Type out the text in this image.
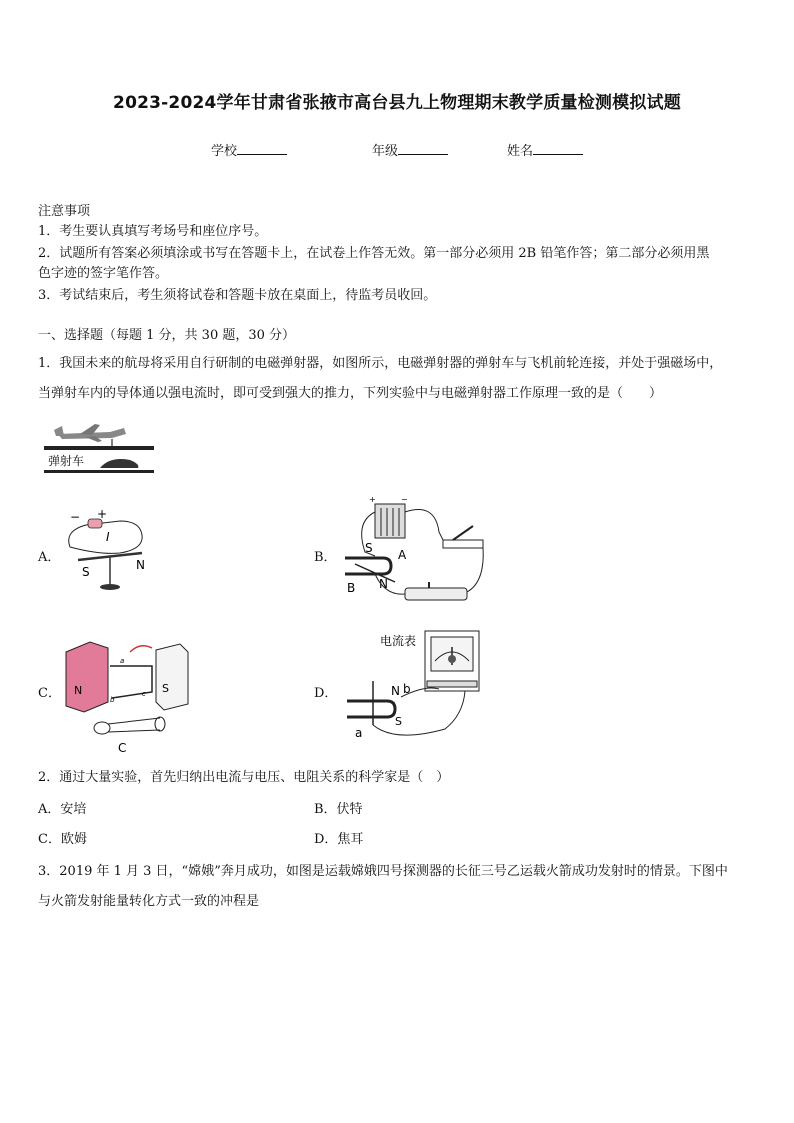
2023-2024学年甘肃省张掖市高台县九上物理期末教学质量检测模拟试题
学校	年级	姓名
注意事项
1．考生要认真填写考场号和座位序号。
2．试题所有答案必须填涂或书写在答题卡上，在试卷上作答无效。第一部分必须用 2B 铅笔作答；第二部分必须用黑
色字迹的签字笔作答。
3．考试结束后，考生须将试卷和答题卡放在桌面上，待监考员收回。
一、选择题（每题 1 分，共 30 题，30 分）
1．我国未来的航母将采用自行研制的电磁弹射器，如图所示，电磁弹射器的弹射车与飞机前轮连接，并处于强磁场中，
当弹射车内的导体通以强电流时，即可受到强大的推力，下列实验中与电磁弹射器工作原理一致的是（　　）
弹射车
A．
− +
I
S	N	B．
+	−
S A
B N
C． N	S
a
b
c
C
D．
电流表
N b
S
a
2．通过大量实验，首先归纳出电流与电压、电阻关系的科学家是（　）
A．安培	B．伏特
C．欧姆	D．焦耳
3．2019 年 1 月 3 日，“嫦娥”奔月成功，如图是运载嫦娥四号探测器的长征三号乙运载火箭成功发射时的情景。下图中
与火箭发射能量转化方式一致的冲程是
